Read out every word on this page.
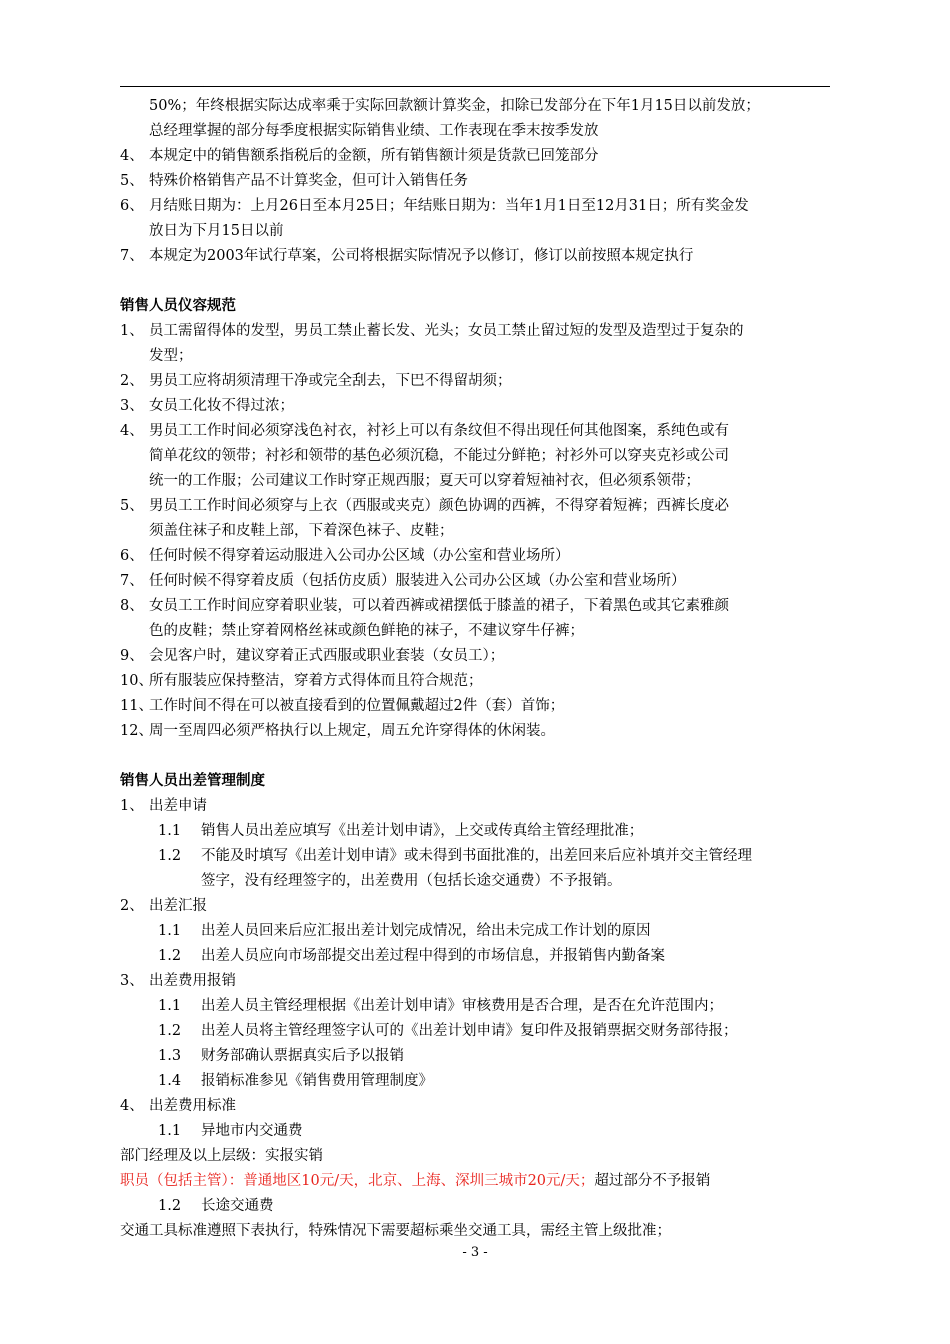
50%；年终根据实际达成率乘于实际回款额计算奖金，扣除已发部分在下年1月15日以前发放；
总经理掌握的部分每季度根据实际销售业绩、工作表现在季末按季发放
4、 本规定中的销售额系指税后的金额，所有销售额计须是货款已回笼部分
5、 特殊价格销售产品不计算奖金，但可计入销售任务
6、 月结账日期为：上月26日至本月25日；年结账日期为：当年1月1日至12月31日；所有奖金发
放日为下月15日以前
7、 本规定为2003年试行草案，公司将根据实际情况予以修订，修订以前按照本规定执行
销售人员仪容规范
1、 员工需留得体的发型，男员工禁止蓄长发、光头；女员工禁止留过短的发型及造型过于复杂的
发型；
2、 男员工应将胡须清理干净或完全刮去，下巴不得留胡须；
3、 女员工化妆不得过浓；
4、 男员工工作时间必须穿浅色衬衣，衬衫上可以有条纹但不得出现任何其他图案，系纯色或有
简单花纹的领带；衬衫和领带的基色必须沉稳，不能过分鲜艳；衬衫外可以穿夹克衫或公司
统一的工作服；公司建议工作时穿正规西服；夏天可以穿着短袖衬衣，但必须系领带；
5、 男员工工作时间必须穿与上衣（西服或夹克）颜色协调的西裤，不得穿着短裤；西裤长度必
须盖住袜子和皮鞋上部，下着深色袜子、皮鞋；
6、 任何时候不得穿着运动服进入公司办公区域（办公室和营业场所）
7、 任何时候不得穿着皮质（包括仿皮质）服装进入公司办公区域（办公室和营业场所）
8、 女员工工作时间应穿着职业装，可以着西裤或裙摆低于膝盖的裙子，下着黑色或其它素雅颜
色的皮鞋；禁止穿着网格丝袜或颜色鲜艳的袜子，不建议穿牛仔裤；
9、 会见客户时，建议穿着正式西服或职业套装（女员工）；
10、
所有服装应保持整洁，穿着方式得体而且符合规范；
11、
工作时间不得在可以被直接看到的位置佩戴超过2件（套）首饰；
12、
周一至周四必须严格执行以上规定，周五允许穿得体的休闲装。
销售人员出差管理制度
1、 出差申请
1.1	销售人员出差应填写《出差计划申请》，上交或传真给主管经理批准；
1.2	不能及时填写《出差计划申请》或未得到书面批准的，出差回来后应补填并交主管经理
签字，没有经理签字的，出差费用（包括长途交通费）不予报销。
2、 出差汇报
1.1	出差人员回来后应汇报出差计划完成情况，给出未完成工作计划的原因
1.2	出差人员应向市场部提交出差过程中得到的市场信息，并报销售内勤备案
3、 出差费用报销
1.1	出差人员主管经理根据《出差计划申请》审核费用是否合理，是否在允许范围内；
1.2	出差人员将主管经理签字认可的《出差计划申请》复印件及报销票据交财务部待报；
1.3	财务部确认票据真实后予以报销
1.4	报销标准参见《销售费用管理制度》
4、 出差费用标准
1.1	异地市内交通费
部门经理及以上层级：实报实销
职员（包括主管）：普通地区10元/天，北京、上海、深圳三城市20元/天；超过部分不予报销
1.2	长途交通费
交通工具标准遵照下表执行，特殊情况下需要超标乘坐交通工具，需经主管上级批准；
- 3 -
